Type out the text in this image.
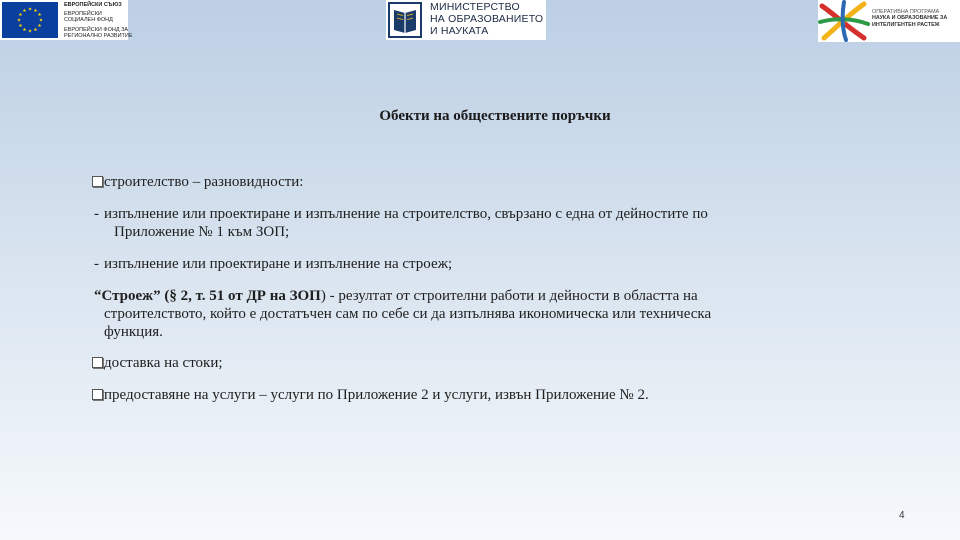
ЕВРОПЕЙСКИ СЪЮЗ
ЕВРОПЕЙСКИ
СОЦИАЛЕН ФОНД
ЕВРОПЕЙСКИ ФОНД ЗА
РЕГИОНАЛНО РАЗВИТИЕ
МИНИСТЕРСТВО
НА ОБРАЗОВАНИЕТО
И НАУКАТА
ОПЕРАТИВНА ПРОГРАМА
НАУКА И ОБРАЗОВАНИЕ ЗА
ИНТЕЛИГЕНТЕН РАСТЕЖ
Обекти на обществените поръчки
строителство – разновидности:
- изпълнение или проектиране и изпълнение на строителство, свързано с една от дейностите по
Приложение № 1 към ЗОП;
- изпълнение или проектиране и изпълнение на строеж;
“Строеж” (§ 2, т. 51 от ДР на ЗОП) - резултат от строителни работи и дейности в областта на
строителството, който е достатъчен сам по себе си да изпълнява икономическа или техническа
функция.
доставка на стоки;
предоставяне на услуги – услуги по Приложение 2 и услуги, извън Приложение № 2.
4
